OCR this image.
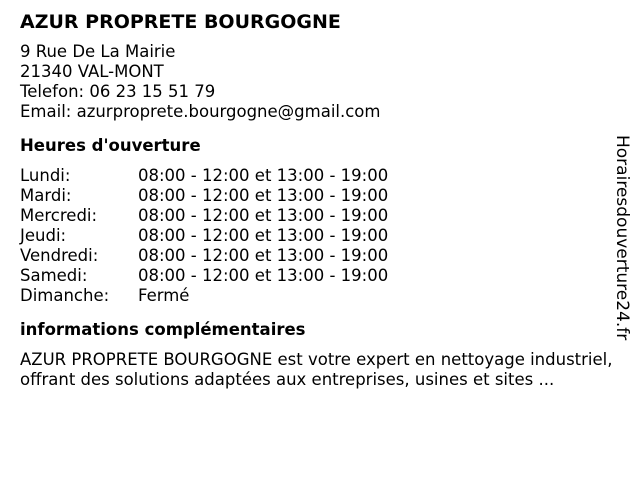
AZUR PROPRETE BOURGOGNE
9 Rue De La Mairie
21340 VAL-MONT
Telefon: 06 23 15 51 79
Email: azurproprete.bourgogne@gmail.com
Heures d'ouverture
Lundi:	08:00 - 12:00 et 13:00 - 19:00
Mardi:	08:00 - 12:00 et 13:00 - 19:00
Mercredi:	08:00 - 12:00 et 13:00 - 19:00
Jeudi:	08:00 - 12:00 et 13:00 - 19:00
Vendredi:	08:00 - 12:00 et 13:00 - 19:00
Samedi:	08:00 - 12:00 et 13:00 - 19:00
Dimanche:	Fermé
informations complémentaires
AZUR PROPRETE BOURGOGNE est votre expert en nettoyage industriel, offrant des solutions adaptées aux entreprises, usines et sites ...
Horairesdouverture24.fr
